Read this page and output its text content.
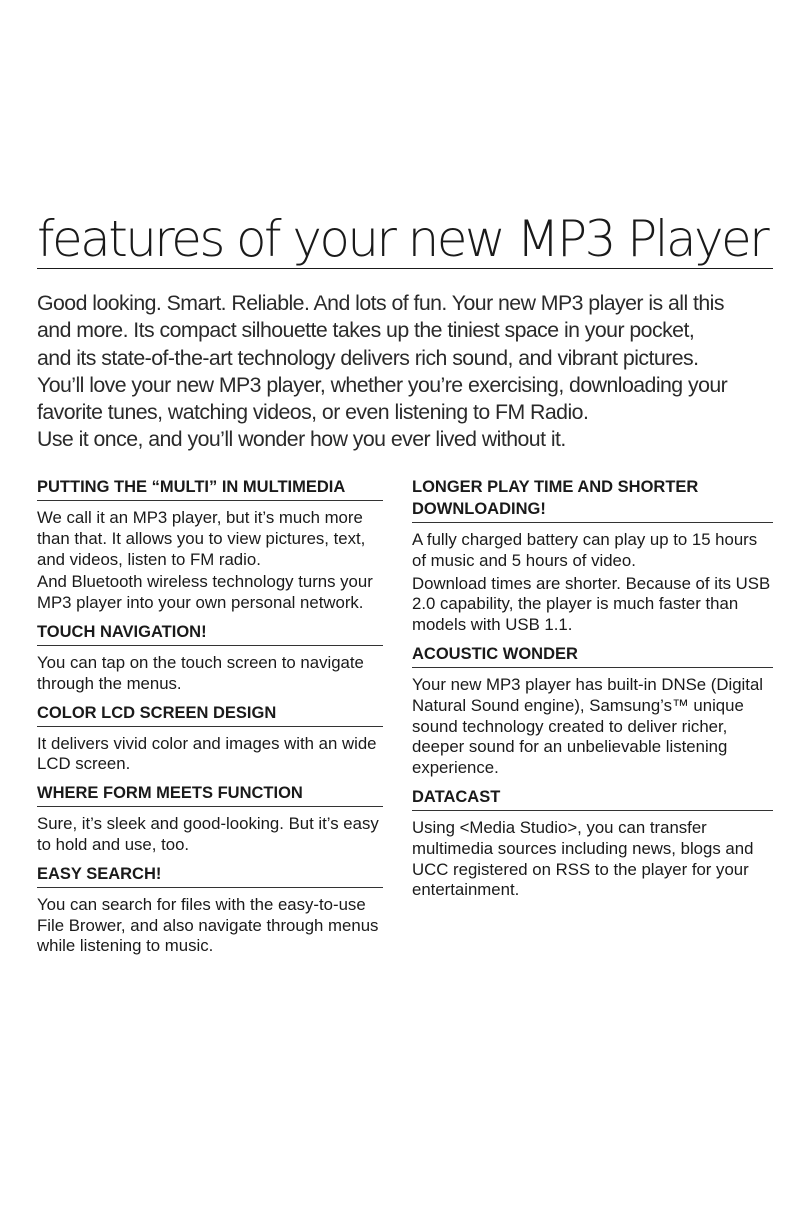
features of your new MP3 Player
Good looking. Smart. Reliable. And lots of fun. Your new MP3 player is all this
and more. Its compact silhouette takes up the tiniest space in your pocket,
and its state-of-the-art technology delivers rich sound, and vibrant pictures.
You’ll love your new MP3 player, whether you’re exercising, downloading your
favorite tunes, watching videos, or even listening to FM Radio.
Use it once, and you’ll wonder how you ever lived without it.
PUTTING THE “MULTI” IN MULTIMEDIA

We call it an MP3 player, but it’s much more than that. It allows you to view pictures, text, and videos, listen to FM radio.

And Bluetooth wireless technology turns your MP3 player into your own personal network.

TOUCH NAVIGATION!

You can tap on the touch screen to navigate through the menus.

COLOR LCD SCREEN DESIGN

It delivers vivid color and images with an wide LCD screen.

WHERE FORM MEETS FUNCTION

Sure, it’s sleek and good-looking. But it’s easy to hold and use, too.

EASY SEARCH!

You can search for files with the easy-to-use File Brower, and also navigate through menus while listening to music.

LONGER PLAY TIME AND SHORTER DOWNLOADING!

A fully charged battery can play up to 15 hours of music and 5 hours of video.

Download times are shorter. Because of its USB 2.0 capability, the player is much faster than models with USB 1.1.

ACOUSTIC WONDER

Your new MP3 player has built-in DNSe (Digital Natural Sound engine), Samsung’s™ unique sound technology created to deliver richer, deeper sound for an unbelievable listening experience.

DATACAST

Using <Media Studio>, you can transfer multimedia sources including news, blogs and UCC registered on RSS to the player for your entertainment.
